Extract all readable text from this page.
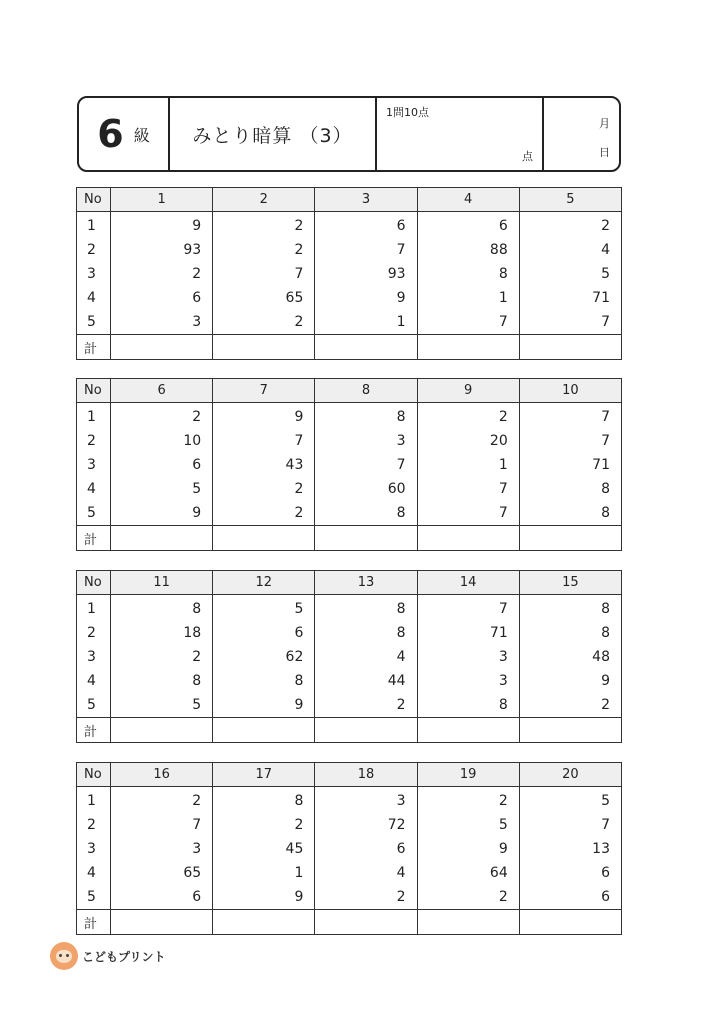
6 級	みとり暗算 （3）
1問10点
点
月
日
No	1	2	3	4	5
1	9	2	6	6	2
2	93	2	7	88	4
3	2	7	93	8	5
4	6	65	9	1	71
5	3	2	1	7	7
計					
No	6	7	8	9	10
1	2	9	8	2	7
2	10	7	3	20	7
3	6	43	7	1	71
4	5	2	60	7	8
5	9	2	8	7	8
計					
No	11	12	13	14	15
1	8	5	8	7	8
2	18	6	8	71	8
3	2	62	4	3	48
4	8	8	44	3	9
5	5	9	2	8	2
計					
No	16	17	18	19	20
1	2	8	3	2	5
2	7	2	72	5	7
3	3	45	6	9	13
4	65	1	4	64	6
5	6	9	2	2	6
計					
こどもプリント
